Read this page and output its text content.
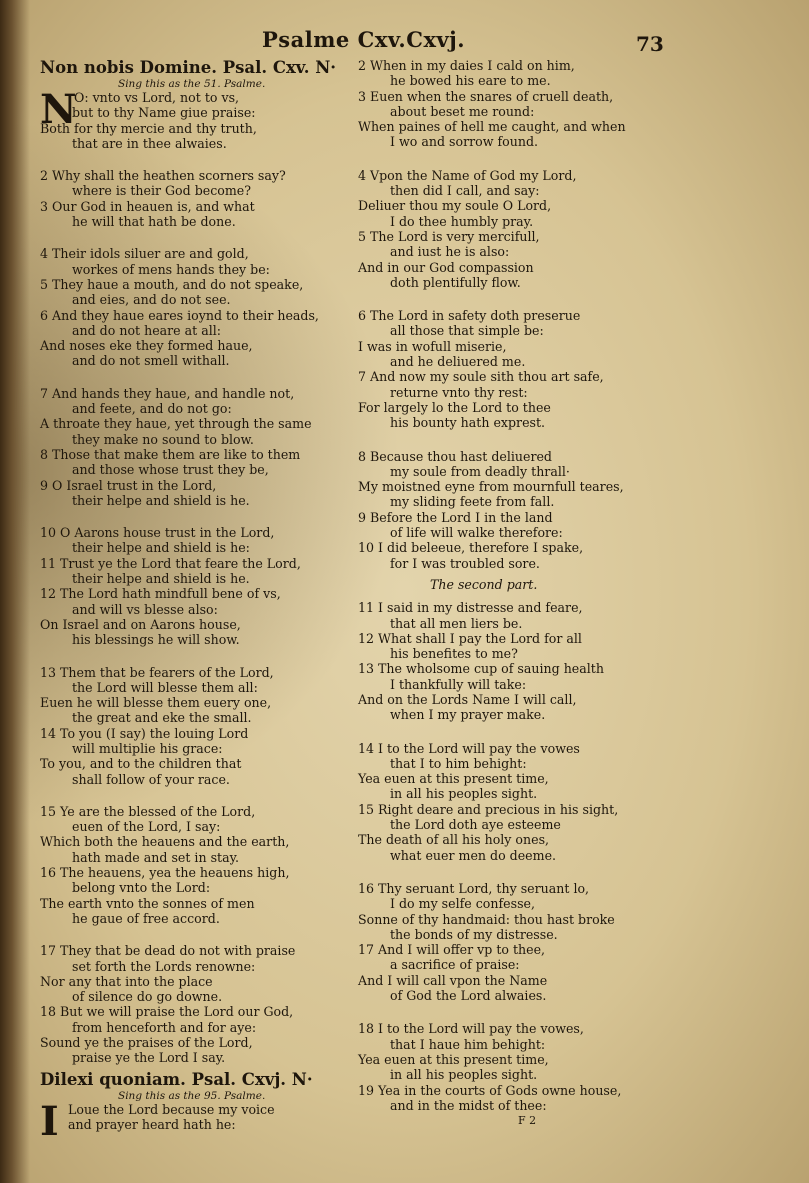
Psalme Cxv.Cxvj.	73
Non nobis Domine. Psal. Cxv. N·
Sing this as the 51. Psalme.
N
O: vnto vs Lord, not to vs,
but to thy Name giue praise:
Both for thy mercie and thy truth,
that are in thee alwaies.
2 Why shall the heathen scorners say?
where is their God become?
3 Our God in heauen is, and what
he will that hath be done.
4 Their idols siluer are and gold,
workes of mens hands they be:
5 They haue a mouth, and do not speake,
and eies, and do not see.
6 And they haue eares ioynd to their heads,
and do not heare at all:
And noses eke they formed haue,
and do not smell withall.
7 And hands they haue, and handle not,
and feete, and do not go:
A throate they haue, yet through the same
they make no sound to blow.
8 Those that make them are like to them
and those whose trust they be,
9 O Israel trust in the Lord,
their helpe and shield is he.
10 O Aarons house trust in the Lord,
their helpe and shield is he:
11 Trust ye the Lord that feare the Lord,
their helpe and shield is he.
12 The Lord hath mindfull bene of vs,
and will vs blesse also:
On Israel and on Aarons house,
his blessings he will show.
13 Them that be fearers of the Lord,
the Lord will blesse them all:
Euen he will blesse them euery one,
the great and eke the small.
14 To you (I say) the louing Lord
will multiplie his grace:
To you, and to the children that
shall follow of your race.
15 Ye are the blessed of the Lord,
euen of the Lord, I say:
Which both the heauens and the earth,
hath made and set in stay.
16 The heauens, yea the heauens high,
belong vnto the Lord:
The earth vnto the sonnes of men
he gaue of free accord.
17 They that be dead do not with praise
set forth the Lords renowne:
Nor any that into the place
of silence do go downe.
18 But we will praise the Lord our God,
from henceforth and for aye:
Sound ye the praises of the Lord,
praise ye the Lord I say.
Dilexi quoniam. Psal. Cxvj. N·
Sing this as the 95. Psalme.
I Loue the Lord because my voice
and prayer heard hath he:
2 When in my daies I cald on him,
he bowed his eare to me.
3 Euen when the snares of cruell death,
about beset me round:
When paines of hell me caught, and when
I wo and sorrow found.
4 Vpon the Name of God my Lord,
then did I call, and say:
Deliuer thou my soule O Lord,
I do thee humbly pray.
5 The Lord is very mercifull,
and iust he is also:
And in our God compassion
doth plentifully flow.
6 The Lord in safety doth preserue
all those that simple be:
I was in wofull miserie,
and he deliuered me.
7 And now my soule sith thou art safe,
returne vnto thy rest:
For largely lo the Lord to thee
his bounty hath exprest.
8 Because thou hast deliuered
my soule from deadly thrall·
My moistned eyne from mournfull teares,
my sliding feete from fall.
9 Before the Lord I in the land
of life will walke therefore:
10 I did beleeue, therefore I spake,
for I was troubled sore.
The second part.
11 I said in my distresse and feare,
that all men liers be.
12 What shall I pay the Lord for all
his benefites to me?
13 The wholsome cup of sauing health
I thankfully will take:
And on the Lords Name I will call,
when I my prayer make.
14 I to the Lord will pay the vowes
that I to him behight:
Yea euen at this present time,
in all his peoples sight.
15 Right deare and precious in his sight,
the Lord doth aye esteeme
The death of all his holy ones,
what euer men do deeme.
16 Thy seruant Lord, thy seruant lo,
I do my selfe confesse,
Sonne of thy handmaid: thou hast broke
the bonds of my distresse.
17 And I will offer vp to thee,
a sacrifice of praise:
And I will call vpon the Name
of God the Lord alwaies.
18 I to the Lord will pay the vowes,
that I haue him behight:
Yea euen at this present time,
in all his peoples sight.
19 Yea in the courts of Gods owne house,
and in the midst of thee:
F 2
